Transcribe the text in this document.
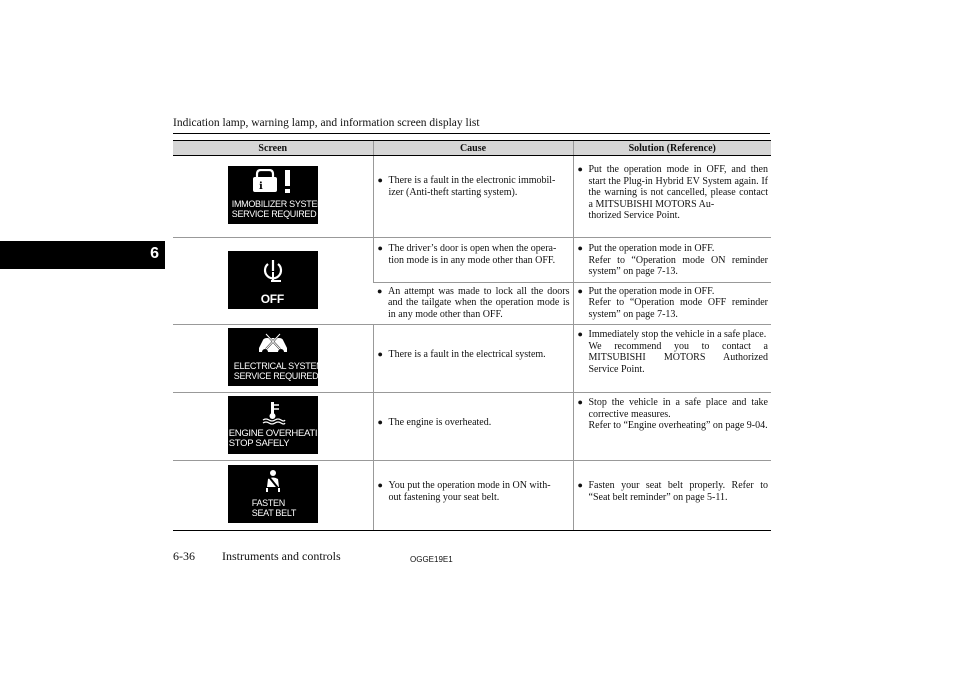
Indication lamp, warning lamp, and information screen display list
6
Screen	Cause	Solution (Reference)

ℹ
IMMOBILIZER SYSTEM
SERVICE REQUIRED	● There is a fault in the electronic immobil-
izer (Anti-theft starting system).	● Put the operation mode in OFF, and then start the Plug-in Hybrid EV System again. If the warning is not cancelled, please contact a MITSUBISHI MOTORS Au-
thorized Service Point.

OFF	● The driver’s door is open when the opera-
tion mode is in any mode other than OFF.	● Put the operation mode in OFF.
Refer to “Operation mode ON reminder system” on page 7-13.

	● An attempt was made to lock all the doors and the tailgate when the operation mode is in any mode other than OFF.	● Put the operation mode in OFF.
Refer to “Operation mode OFF reminder system” on page 7-13.

ELECTRICAL SYSTEM
SERVICE REQUIRED	● There is a fault in the electrical system.	● Immediately stop the vehicle in a safe place.
We recommend you to contact a MITSUBISHI MOTORS Authorized Service Point.

ENGINE OVERHEATING
STOP SAFELY	● The engine is overheated.	● Stop the vehicle in a safe place and take corrective measures.
Refer to “Engine overheating” on page 9-04.

FASTEN
SEAT BELT	● You put the operation mode in ON with-
out fastening your seat belt.	● Fasten your seat belt properly. Refer to “Seat belt reminder” on page 5-11.
6-36 Instruments and controls	OGGE19E1
